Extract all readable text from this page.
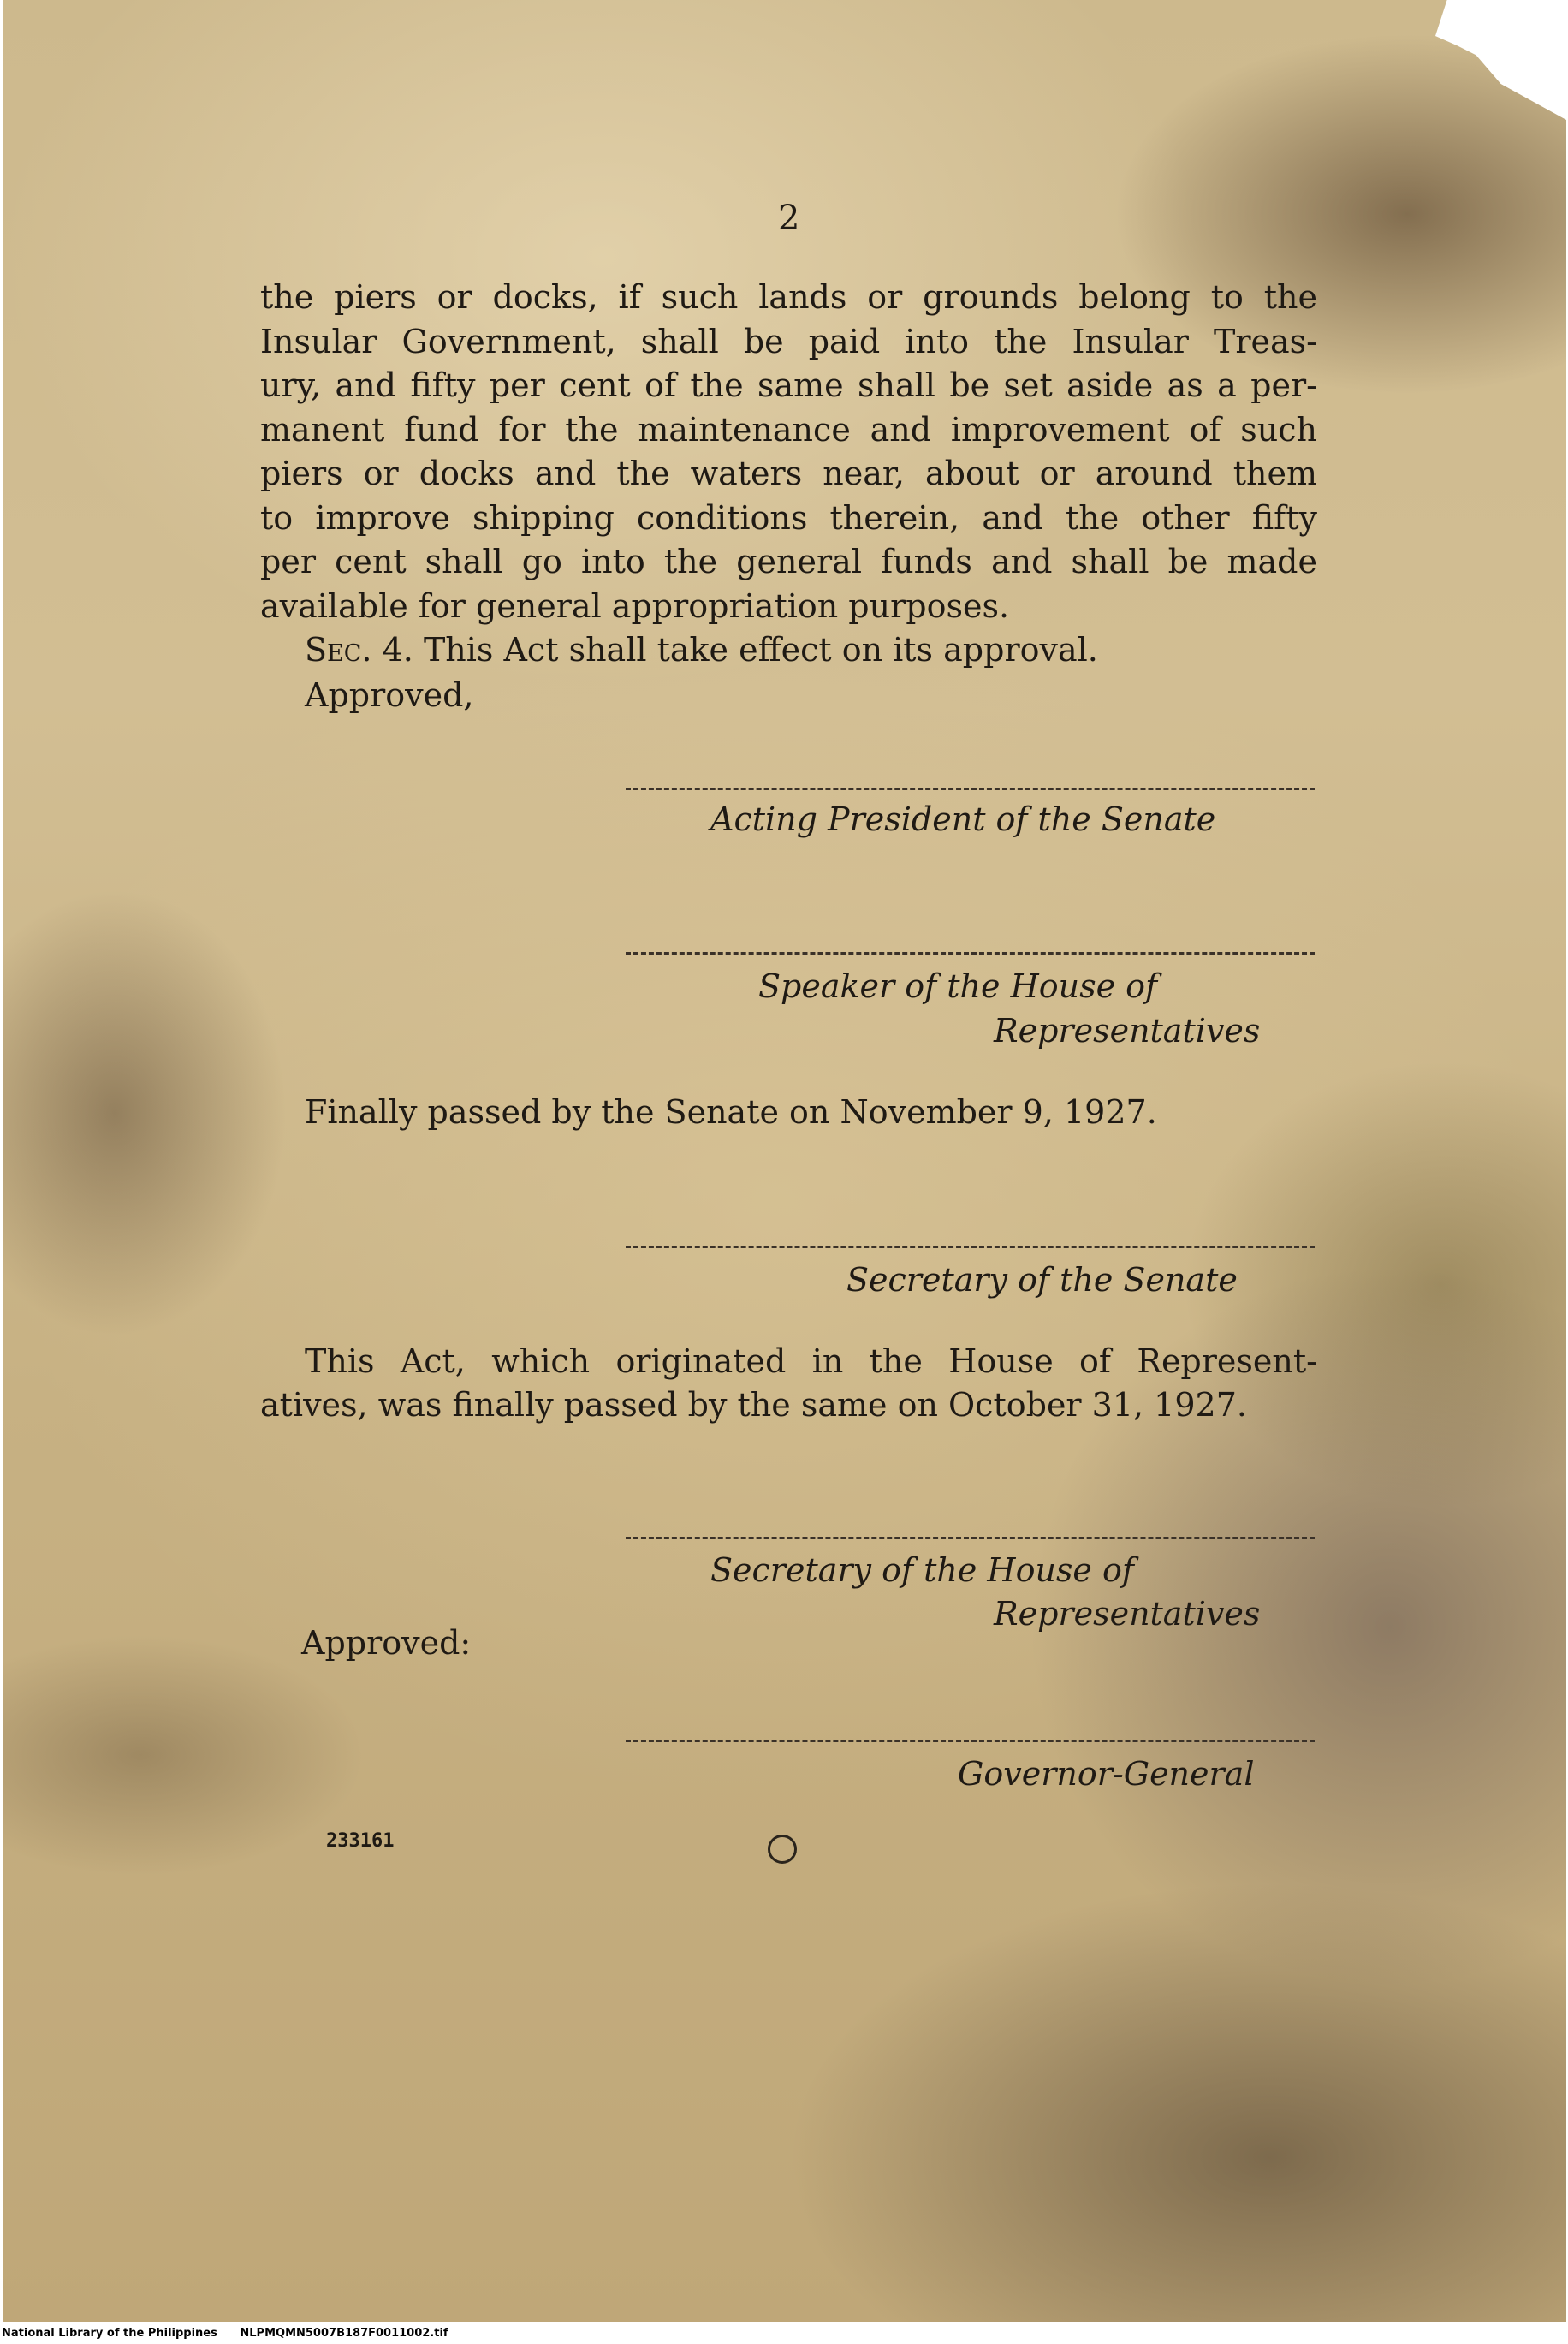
2
the piers or docks, if such lands or grounds belong to the
Insular Government, shall be paid into the Insular Treas-
ury, and fifty per cent of the same shall be set aside as a per-
manent fund for the maintenance and improvement of such
piers or docks and the waters near, about or around them
to improve shipping conditions therein, and the other fifty
per cent shall go into the general funds and shall be made
available for general appropriation purposes.
Sec. 4. This Act shall take effect on its approval.
Approved,
Acting President of the Senate
Speaker of the House of
Representatives
Finally passed by the Senate on November 9, 1927.
Secretary of the Senate
This Act, which originated in the House of Represent-
atives, was finally passed by the same on October 31, 1927.
Secretary of the House of
Representatives
Approved:
Governor-General
233161
National Library of the Philippines NLPMQMN5007B187F0011002.tif
